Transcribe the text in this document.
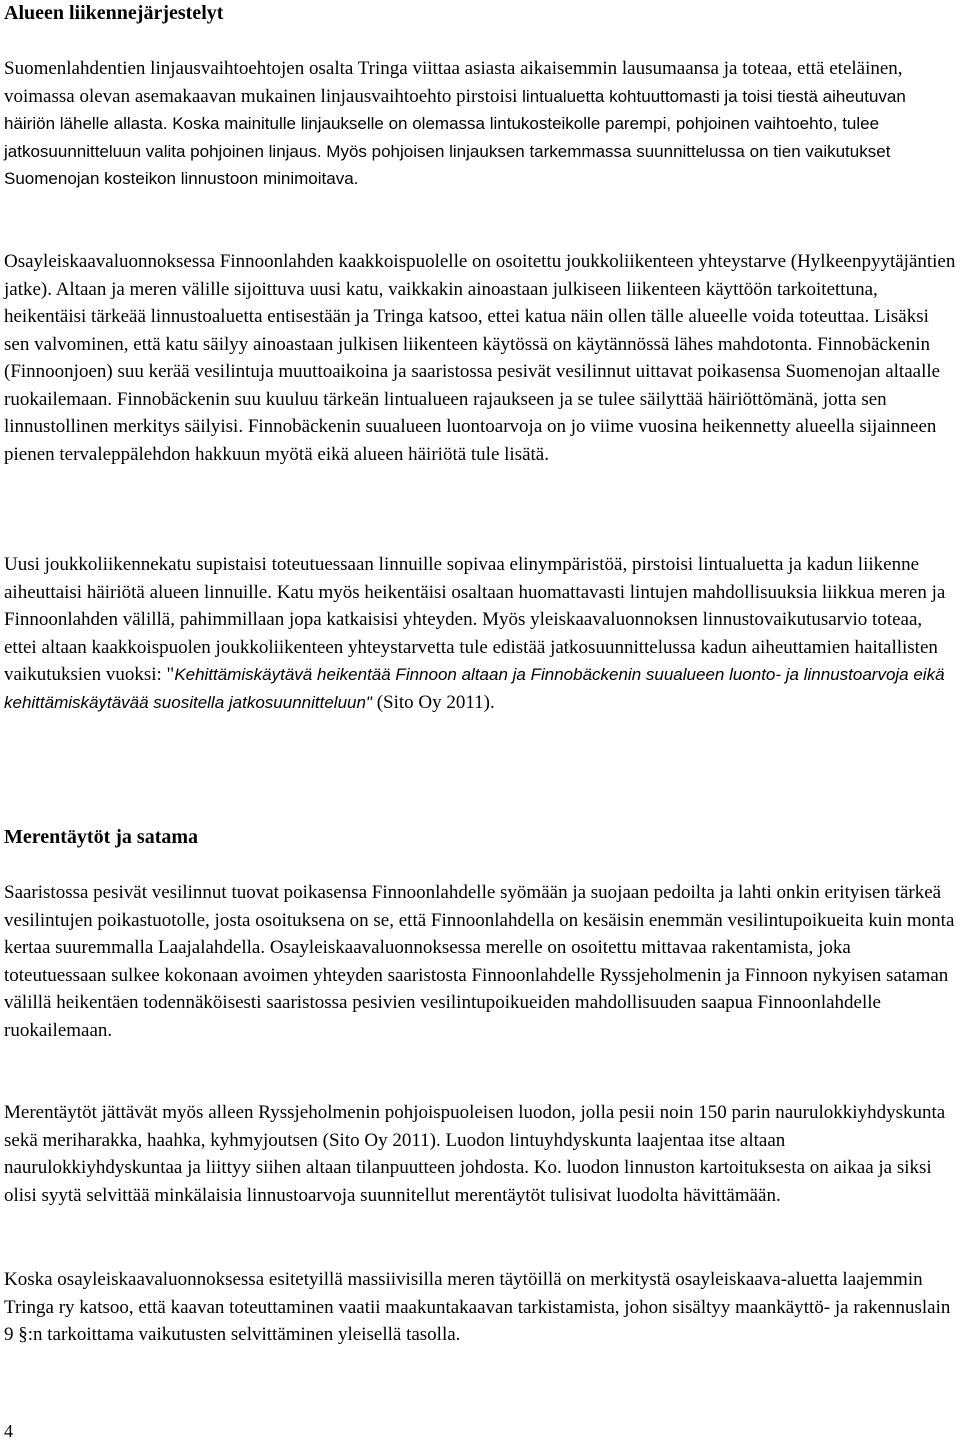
Alueen liikennejärjestelyt

Suomenlahdentien linjausvaihtoehtojen osalta Tringa viittaa asiasta aikaisemmin lausumaansa ja toteaa, että eteläinen, voimassa olevan asemakaavan mukainen linjausvaihtoehto pirstoisi lintualuetta kohtuuttomasti ja toisi tiestä aiheutuvan häiriön lähelle allasta. Koska mainitulle linjaukselle on olemassa lintukosteikolle parempi, pohjoinen vaihtoehto, tulee jatkosuunnitteluun valita pohjoinen linjaus. Myös pohjoisen linjauksen tarkemmassa suunnittelussa on tien vaikutukset Suomenojan kosteikon linnustoon minimoitava.

Osayleiskaavaluonnoksessa Finnoonlahden kaakkoispuolelle on osoitettu joukkoliikenteen yhteystarve (Hylkeenpyytäjäntien jatke). Altaan ja meren välille sijoittuva uusi katu, vaikkakin ainoastaan julkiseen liikenteen käyttöön tarkoitettuna, heikentäisi tärkeää linnustoaluetta entisestään ja Tringa katsoo, ettei katua näin ollen tälle alueelle voida toteuttaa. Lisäksi sen valvominen, että katu säilyy ainoastaan julkisen liikenteen käytössä on käytännössä lähes mahdotonta. Finnobäckenin (Finnoonjoen) suu kerää vesilintuja muuttoaikoina ja saaristossa pesivät vesilinnut uittavat poikasensa Suomenojan altaalle ruokailemaan. Finnobäckenin suu kuuluu tärkeän lintualueen rajaukseen ja se tulee säilyttää häiriöttömänä, jotta sen linnustollinen merkitys säilyisi. Finnobäckenin suualueen luontoarvoja on jo viime vuosina heikennetty alueella sijainneen pienen tervaleppälehdon hakkuun myötä eikä alueen häiriötä tule lisätä.

Uusi joukkoliikennekatu supistaisi toteutuessaan linnuille sopivaa elinympäristöä, pirstoisi lintualuetta ja kadun liikenne aiheuttaisi häiriötä alueen linnuille. Katu myös heikentäisi osaltaan huomattavasti lintujen mahdollisuuksia liikkua meren ja Finnoonlahden välillä, pahimmillaan jopa katkaisisi yhteyden. Myös yleiskaavaluonnoksen linnustovaikutusarvio toteaa, ettei altaan kaakkoispuolen joukkoliikenteen yhteystarvetta tule edistää jatkosuunnittelussa kadun aiheuttamien haitallisten vaikutuksien vuoksi: "Kehittämiskäytävä heikentää Finnoon altaan ja Finnobäckenin suualueen luonto- ja linnustoarvoja eikä kehittämiskäytävää suositella jatkosuunnitteluun" (Sito Oy 2011).

Merentäytöt ja satama

Saaristossa pesivät vesilinnut tuovat poikasensa Finnoonlahdelle syömään ja suojaan pedoilta ja lahti onkin erityisen tärkeä vesilintujen poikastuotolle, josta osoituksena on se, että Finnoonlahdella on kesäisin enemmän vesilintupoikueita kuin monta kertaa suuremmalla Laajalahdella. Osayleiskaavaluonnoksessa merelle on osoitettu mittavaa rakentamista, joka toteutuessaan sulkee kokonaan avoimen yhteyden saaristosta Finnoonlahdelle Ryssjeholmenin ja Finnoon nykyisen sataman välillä heikentäen todennäköisesti saaristossa pesivien vesilintupoikueiden mahdollisuuden saapua Finnoonlahdelle ruokailemaan.

Merentäytöt jättävät myös alleen Ryssjeholmenin pohjoispuoleisen luodon, jolla pesii noin 150 parin naurulokkiyhdyskunta sekä meriharakka, haahka, kyhmyjoutsen (Sito Oy 2011). Luodon lintuyhdyskunta laajentaa itse altaan naurulokkiyhdyskuntaa ja liittyy siihen altaan tilanpuutteen johdosta. Ko. luodon linnuston kartoituksesta on aikaa ja siksi olisi syytä selvittää minkälaisia linnustoarvoja suunnitellut merentäytöt tulisivat luodolta hävittämään.

Koska osayleiskaavaluonnoksessa esitetyillä massiivisilla meren täytöillä on merkitystä osayleiskaava-aluetta laajemmin Tringa ry katsoo, että kaavan toteuttaminen vaatii maakuntakaavan tarkistamista, johon sisältyy maankäyttö- ja rakennuslain 9 §:n tarkoittama vaikutusten selvittäminen yleisellä tasolla.

4
